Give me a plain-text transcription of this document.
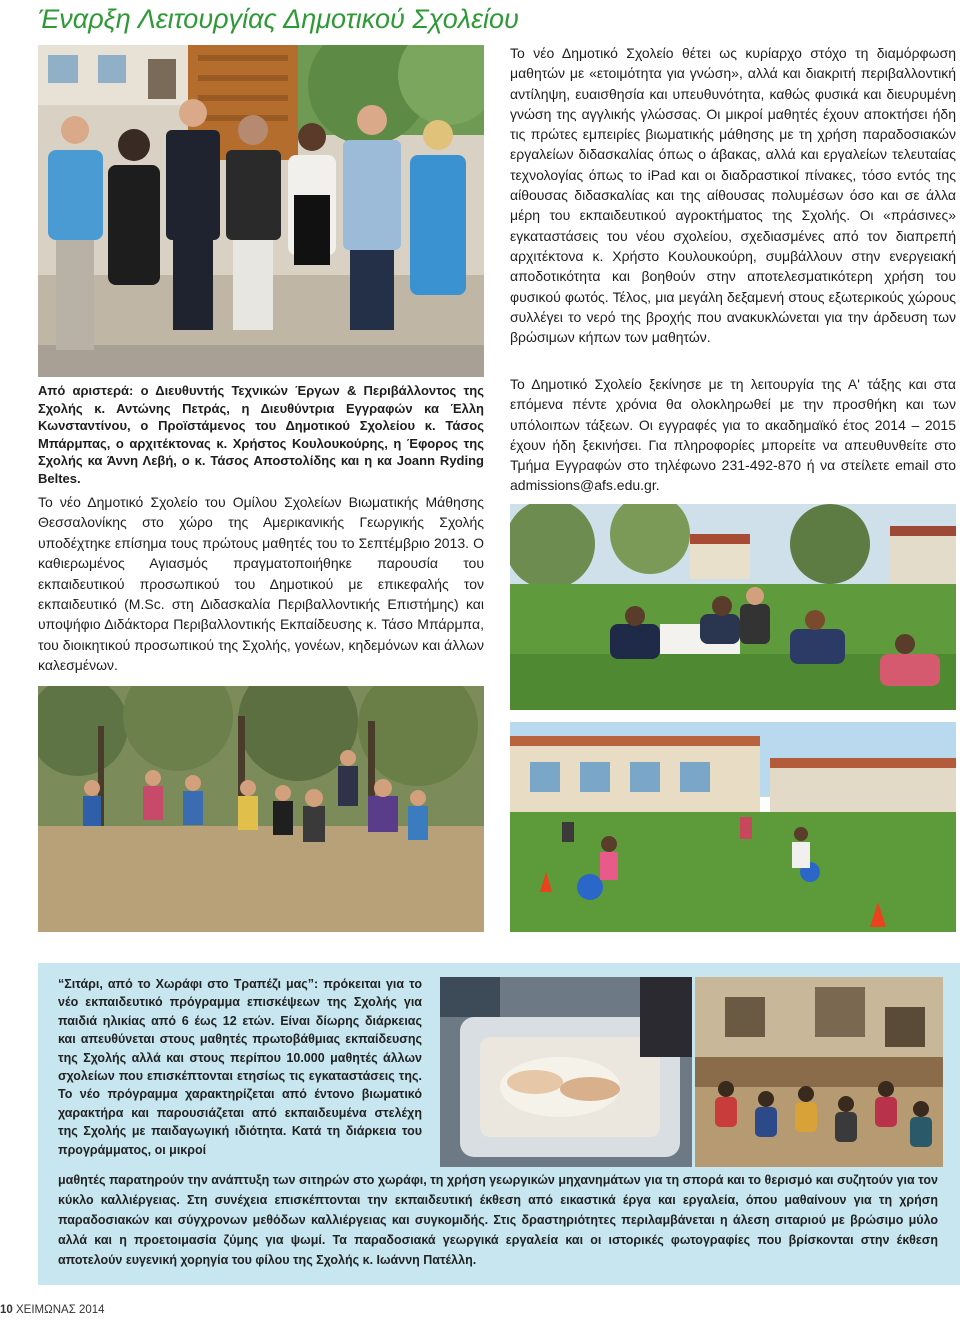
Έναρξη Λειτουργίας Δημοτικού Σχολείου
Από αριστερά: ο Διευθυντής Τεχνικών Έργων & Περιβάλλοντος της Σχολής κ. Αντώνης Πετράς, η Διευθύντρια Εγγραφών κα Έλλη Κωνσταντίνου, ο Προϊστάμενος του Δημοτικού Σχολείου κ. Τάσος Μπάρμπας, ο αρχιτέκτονας κ. Χρήστος Κουλουκούρης, η Έφορος της Σχολής κα Άννη Λεβή, ο κ. Τάσος Αποστολίδης και η κα Joann Ryding Beltes.
Το νέο Δημοτικό Σχολείο του Ομίλου Σχολείων Βιωματικής Μάθησης Θεσσαλονίκης στο χώρο της Αμερικανικής Γεωργικής Σχολής υποδέχτηκε επίσημα τους πρώτους μαθητές του το Σεπτέμβριο 2013. Ο καθιερωμένος Αγιασμός πραγματοποιήθηκε παρουσία του εκπαιδευτικού προσωπικού του Δημοτικού με επικεφαλής τον εκπαιδευτικό (M.Sc. στη Διδασκαλία Περιβαλλοντικής Επιστήμης) και υποψήφιο Διδάκτορα Περιβαλλοντικής Εκπαίδευσης κ. Τάσο Μπάρμπα, του διοικητικού προσωπικού της Σχολής, γονέων, κηδεμόνων και άλλων καλεσμένων.
Το νέο Δημοτικό Σχολείο θέτει ως κυρίαρχο στόχο τη διαμόρφωση μαθητών με «ετοιμότητα για γνώση», αλλά και διακριτή περιβαλλοντική αντίληψη, ευαισθησία και υπευθυνότητα, καθώς φυσικά και διευρυμένη γνώση της αγγλικής γλώσσας. Οι μικροί μαθητές έχουν αποκτήσει ήδη τις πρώτες εμπειρίες βιωματικής μάθησης με τη χρήση παραδοσιακών εργαλείων διδασκαλίας όπως ο άβακας, αλλά και εργαλείων τελευταίας τεχνολογίας όπως το iPad και οι διαδραστικοί πίνακες, τόσο εντός της αίθουσας διδασκαλίας και της αίθουσας πολυμέσων όσο και σε άλλα μέρη του εκπαιδευτικού αγροκτήματος της Σχολής. Οι «πράσινες» εγκαταστάσεις του νέου σχολείου, σχεδιασμένες από τον διαπρεπή αρχιτέκτονα κ. Χρήστο Κουλουκούρη, συμβάλλουν στην ενεργειακή αποδοτικότητα και βοηθούν στην αποτελεσματικότερη χρήση του φυσικού φωτός. Τέλος, μια μεγάλη δεξαμενή στους εξωτερικούς χώρους συλλέγει το νερό της βροχής που ανακυκλώνεται για την άρδευση των βρώσιμων κήπων των μαθητών.
Το Δημοτικό Σχολείο ξεκίνησε με τη λειτουργία της Α' τάξης και στα επόμενα πέντε χρόνια θα ολοκληρωθεί με την προσθήκη και των υπόλοιπων τάξεων. Οι εγγραφές για το ακαδημαϊκό έτος 2014 – 2015 έχουν ήδη ξεκινήσει. Για πληροφορίες μπορείτε να απευθυνθείτε στο Τμήμα Εγγραφών στο τηλέφωνο 231-492-870 ή να στείλετε email στο admissions@afs.edu.gr.
“Σιτάρι, από το Χωράφι στο Τραπέζι μας”: πρόκειται για το νέο εκπαιδευτικό πρόγραμμα επισκέψεων της Σχολής για παιδιά ηλικίας από 6 έως 12 ετών. Είναι δίωρης διάρκειας και απευθύνεται στους μαθητές πρωτοβάθμιας εκπαίδευσης της Σχολής αλλά και στους περίπου 10.000 μαθητές άλλων σχολείων που επισκέπτονται ετησίως τις εγκαταστάσεις της. Το νέο πρόγραμμα χαρακτηρίζεται από έντονο βιωματικό χαρακτήρα και παρουσιάζεται από εκπαιδευμένα στελέχη της Σχολής με παιδαγωγική ιδιότητα. Κατά τη διάρκεια του προγράμματος, οι μικροί
μαθητές παρατηρούν την ανάπτυξη των σιτηρών στο χωράφι, τη χρήση γεωργικών μηχανημάτων για τη σπορά και το θερισμό και συζητούν για τον κύκλο καλλιέργειας. Στη συνέχεια επισκέπτονται την εκπαιδευτική έκθεση από εικαστικά έργα και εργαλεία, όπου μαθαίνουν για τη χρήση παραδοσιακών και σύγχρονων μεθόδων καλλιέργειας και συγκομιδής. Στις δραστηριότητες περιλαμβάνεται η άλεση σιταριού με βρώσιμο μύλο αλλά και η προετοιμασία ζύμης για ψωμί. Τα παραδοσιακά γεωργικά εργαλεία και οι ιστορικές φωτογραφίες που βρίσκονται στην έκθεση αποτελούν ευγενική χορηγία του φίλου της Σχολής κ. Ιωάννη Πατέλλη.
10 ΧΕΙΜΩΝΑΣ 2014
